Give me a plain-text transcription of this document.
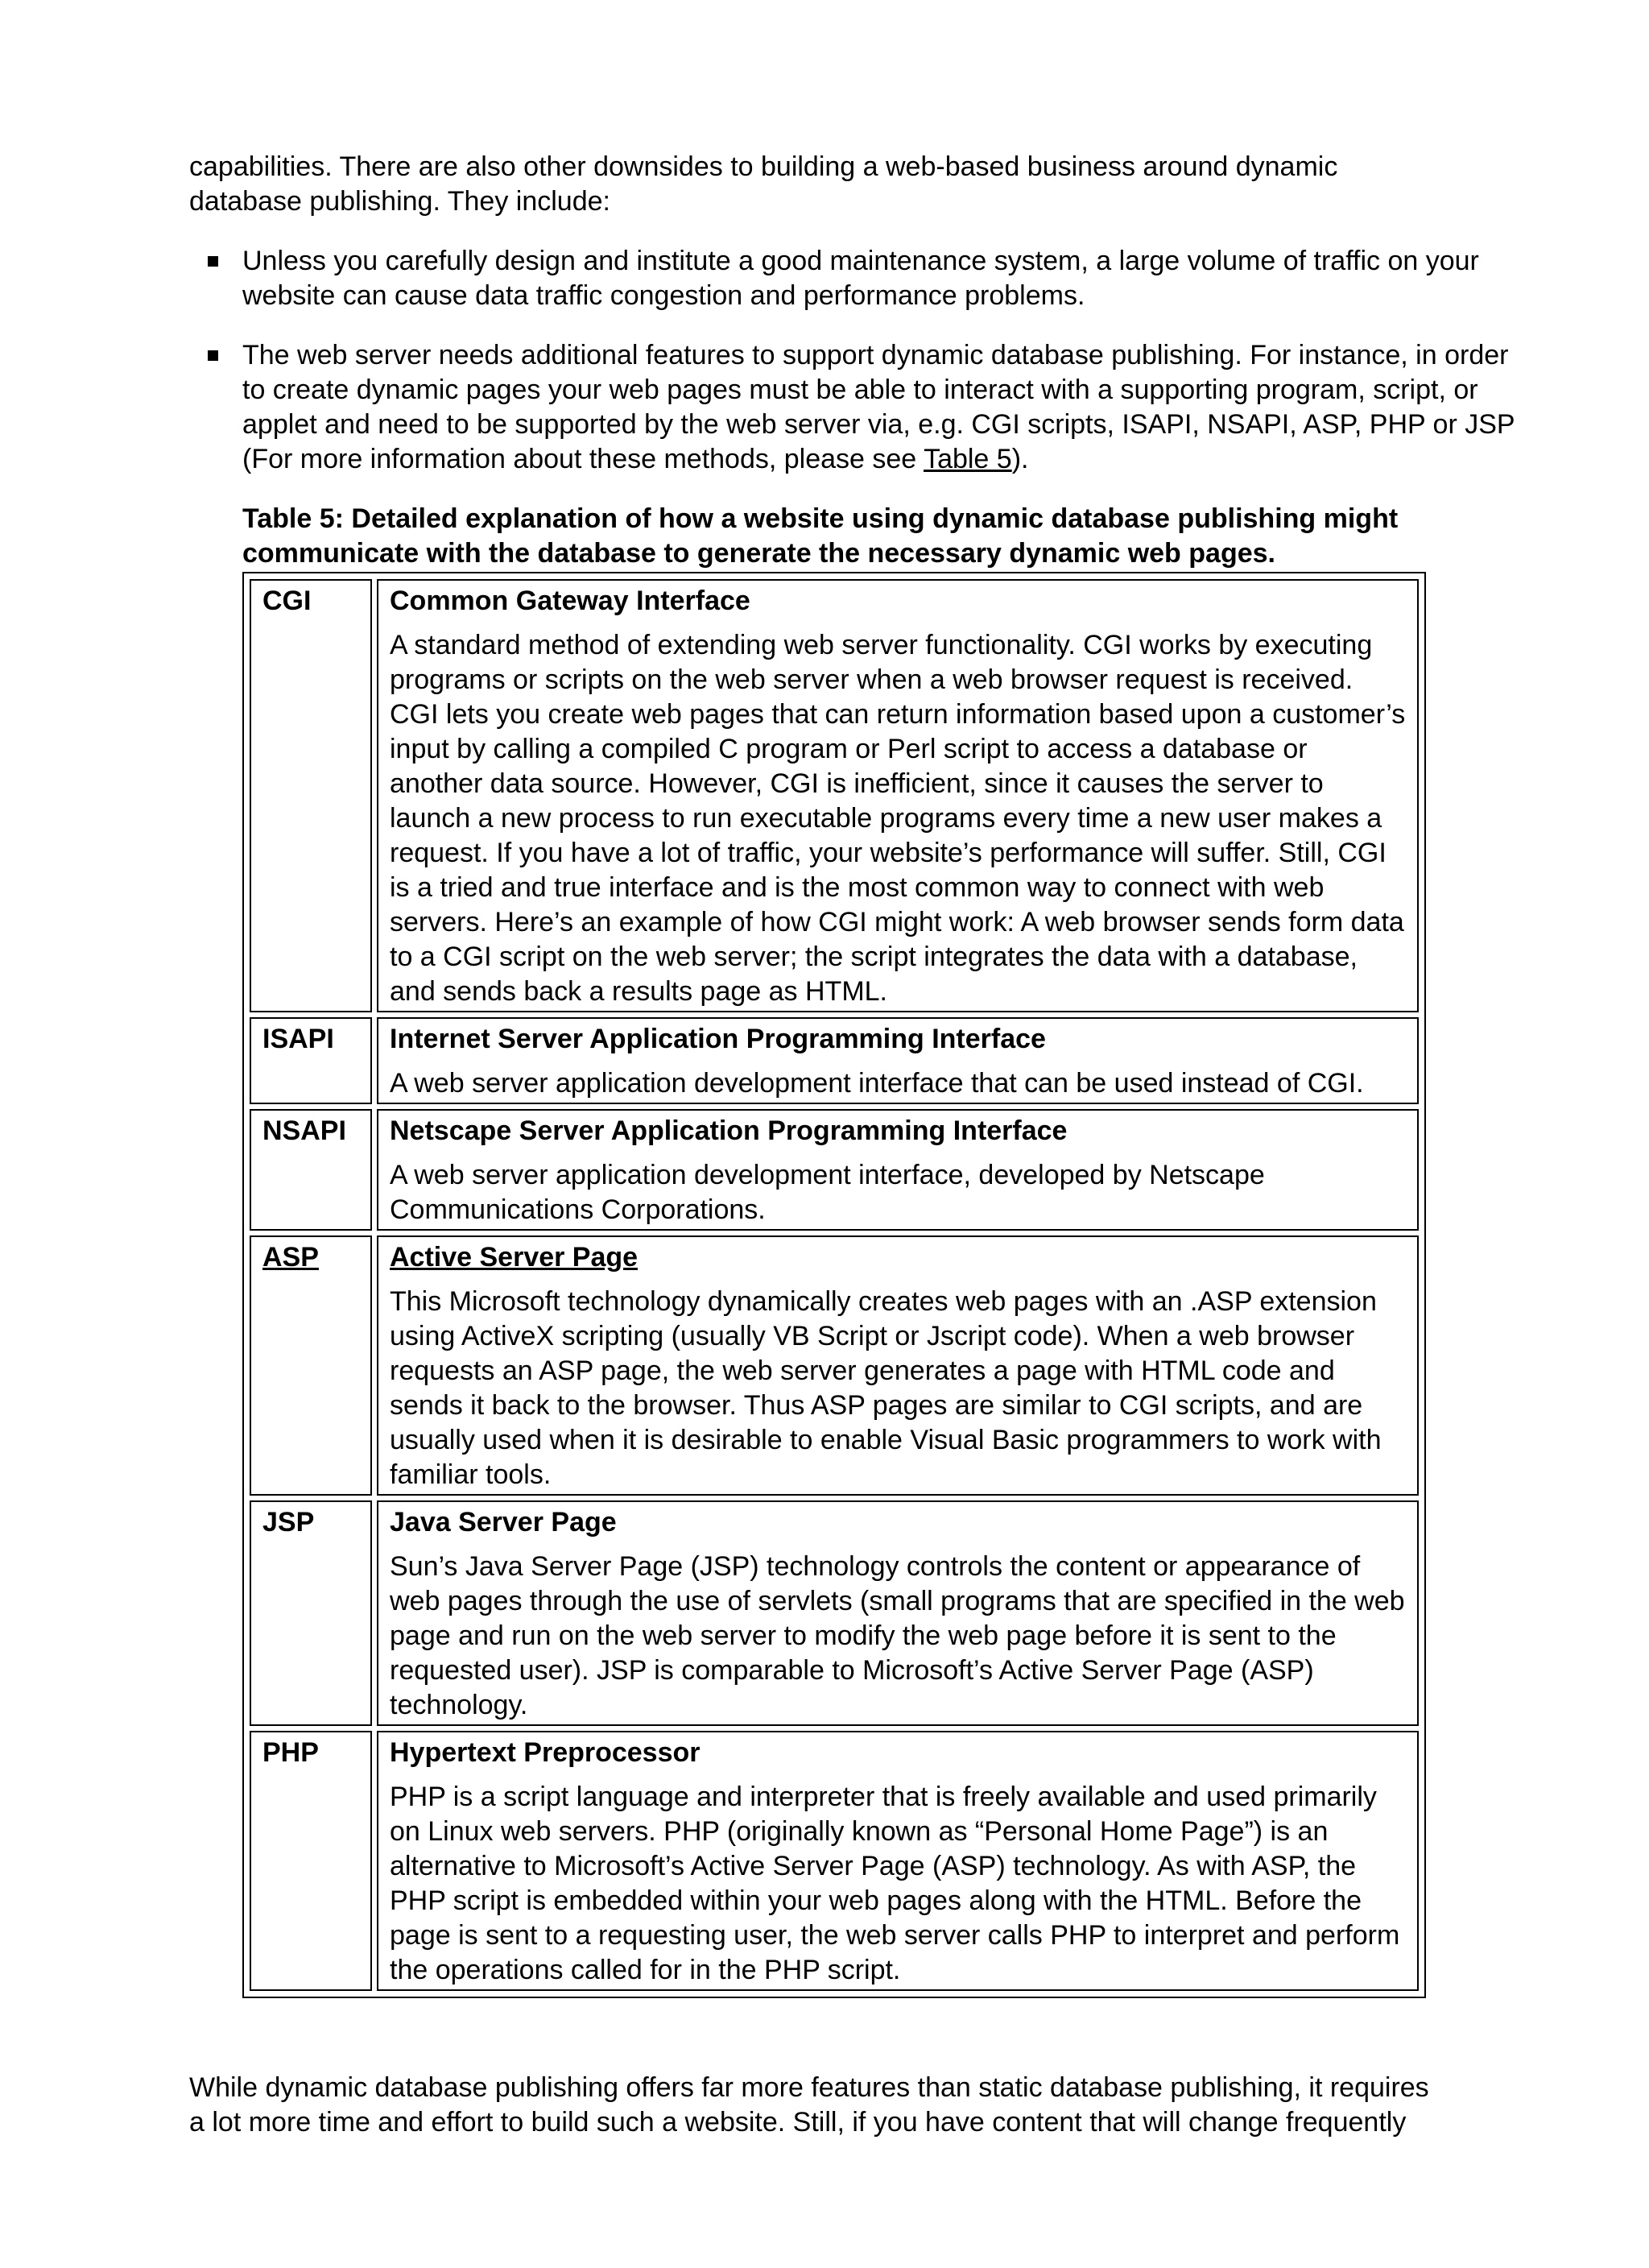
capabilities. There are also other downsides to building a web-based business around dynamic
database publishing. They include:

Unless you carefully design and institute a good maintenance system, a large volume of traffic on your website can cause data traffic congestion and performance problems.
The web server needs additional features to support dynamic database publishing. For instance, in order to create dynamic pages your web pages must be able to interact with a supporting program, script, or applet and need to be supported by the web server via, e.g. CGI scripts, ISAPI, NSAPI, ASP, PHP or JSP (For more information about these methods, please see Table 5).

Table 5: Detailed explanation of how a website using dynamic database publishing might communicate with the database to generate the necessary dynamic web pages.

CGI	Common Gateway Interface
A standard method of extending web server functionality. CGI works by executing programs or scripts on the web server when a web browser request is received. CGI lets you create web pages that can return information based upon a customer’s input by calling a compiled C program or Perl script to access a database or another data source. However, CGI is inefficient, since it causes the server to launch a new process to run executable programs every time a new user makes a request. If you have a lot of traffic, your website’s performance will suffer. Still, CGI is a tried and true interface and is the most common way to connect with web servers. Here’s an example of how CGI might work: A web browser sends form data to a CGI script on the web server; the script integrates the data with a database, and sends back a results page as HTML.

ISAPI	Internet Server Application Programming Interface
A web server application development interface that can be used instead of CGI.

NSAPI	Netscape Server Application Programming Interface
A web server application development interface, developed by Netscape Communications Corporations.

ASP	Active Server Page
This Microsoft technology dynamically creates web pages with an .ASP extension using ActiveX scripting (usually VB Script or Jscript code). When a web browser requests an ASP page, the web server generates a page with HTML code and sends it back to the browser. Thus ASP pages are similar to CGI scripts, and are usually used when it is desirable to enable Visual Basic programmers to work with familiar tools.

JSP	Java Server Page
Sun’s Java Server Page (JSP) technology controls the content or appearance of web pages through the use of servlets (small programs that are specified in the web page and run on the web server to modify the web page before it is sent to the requested user). JSP is comparable to Microsoft’s Active Server Page (ASP) technology.

PHP	Hypertext Preprocessor
PHP is a script language and interpreter that is freely available and used primarily on Linux web servers. PHP (originally known as “Personal Home Page”) is an alternative to Microsoft’s Active Server Page (ASP) technology. As with ASP, the PHP script is embedded within your web pages along with the HTML. Before the page is sent to a requesting user, the web server calls PHP to interpret and perform the operations called for in the PHP script.

While dynamic database publishing offers far more features than static database publishing, it requires
a lot more time and effort to build such a website. Still, if you have content that will change frequently
